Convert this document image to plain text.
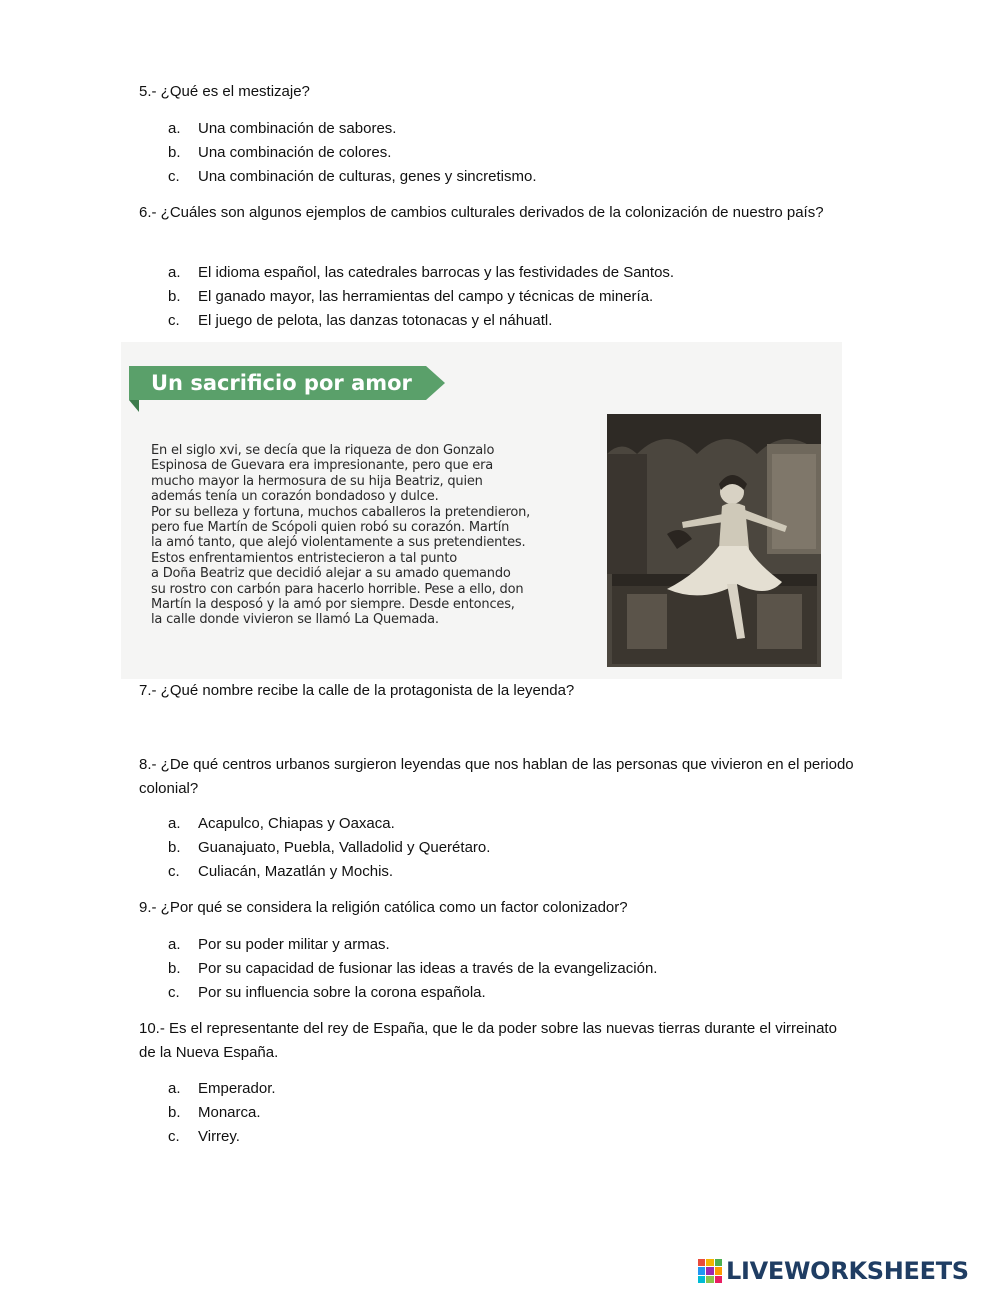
5.- ¿Qué es el mestizaje?
a.	Una combinación de sabores.
b.	Una combinación de colores.
c.	Una combinación de culturas, genes y sincretismo.
6.- ¿Cuáles son algunos ejemplos de cambios culturales derivados de la colonización de nuestro país?
a.	El idioma español, las catedrales barrocas y las festividades de Santos.
b.	El ganado mayor, las herramientas del campo y técnicas de minería.
c.	El juego de pelota, las danzas totonacas y el náhuatl.
Un sacrificio por amor
En el siglo xvi, se decía que la riqueza de don Gonzalo
Espinosa de Guevara era impresionante, pero que era
mucho mayor la hermosura de su hija Beatriz, quien
además tenía un corazón bondadoso y dulce.
Por su belleza y fortuna, muchos caballeros la pretendieron,
pero fue Martín de Scópoli quien robó su corazón. Martín
la amó tanto, que alejó violentamente a sus pretendientes.
Estos enfrentamientos entristecieron a tal punto
a Doña Beatriz que decidió alejar a su amado quemando
su rostro con carbón para hacerlo horrible. Pese a ello, don
Martín la desposó y la amó por siempre. Desde entonces,
la calle donde vivieron se llamó La Quemada.
7.- ¿Qué nombre recibe la calle de la protagonista de la leyenda?
8.- ¿De qué centros urbanos surgieron leyendas que nos hablan de las personas que vivieron en el periodo colonial?
a.	Acapulco, Chiapas y Oaxaca.
b.	Guanajuato, Puebla, Valladolid y Querétaro.
c.	Culiacán, Mazatlán y Mochis.
9.- ¿Por qué se considera la religión católica como un factor colonizador?
a.	Por su poder militar y armas.
b.	Por su capacidad de fusionar las ideas a través de la evangelización.
c.	Por su influencia sobre la corona española.
10.- Es el representante del rey de España, que le da poder sobre las nuevas tierras durante el virreinato de la Nueva España.
a.	Emperador.
b.	Monarca.
c.	Virrey.
LIVEWORKSHEETS
